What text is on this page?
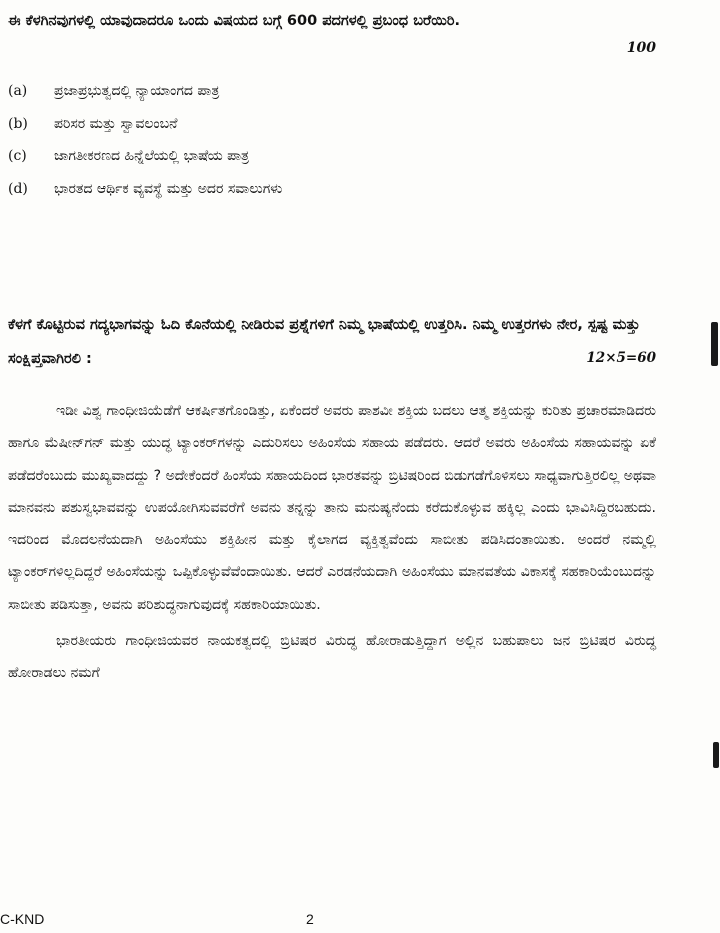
ಈ ಕೆಳಗಿನವುಗಳಲ್ಲಿ ಯಾವುದಾದರೂ ಒಂದು ವಿಷಯದ ಬಗ್ಗೆ 600 ಪದಗಳಲ್ಲಿ ಪ್ರಬಂಧ ಬರೆಯಿರಿ.
100
(a)	ಪ್ರಜಾಪ್ರಭುತ್ವದಲ್ಲಿ ನ್ಯಾಯಾಂಗದ ಪಾತ್ರ
(b)	ಪರಿಸರ ಮತ್ತು ಸ್ವಾವಲಂಬನೆ
(c)	ಜಾಗತೀಕರಣದ ಹಿನ್ನೆಲೆಯಲ್ಲಿ ಭಾಷೆಯ ಪಾತ್ರ
(d)	ಭಾರತದ ಆರ್ಥಿಕ ವ್ಯವಸ್ಥೆ ಮತ್ತು ಅದರ ಸವಾಲುಗಳು
ಕೆಳಗೆ ಕೊಟ್ಟಿರುವ ಗದ್ಯಭಾಗವನ್ನು ಓದಿ ಕೊನೆಯಲ್ಲಿ ನೀಡಿರುವ ಪ್ರಶ್ನೆಗಳಿಗೆ ನಿಮ್ಮ ಭಾಷೆಯಲ್ಲಿ ಉತ್ತರಿಸಿ. ನಿಮ್ಮ ಉತ್ತರಗಳು ನೇರ, ಸ್ಪಷ್ಟ ಮತ್ತು ಸಂಕ್ಷಿಪ್ತವಾಗಿರಲಿ :	12×5=60

ಇಡೀ ವಿಶ್ವ ಗಾಂಧೀಜಿಯೆಡೆಗೆ ಆಕರ್ಷಿತಗೊಂಡಿತ್ತು, ಏಕೆಂದರೆ ಅವರು ಪಾಶವೀ ಶಕ್ತಿಯ ಬದಲು ಆತ್ಮ ಶಕ್ತಿಯನ್ನು ಕುರಿತು ಪ್ರಚಾರಮಾಡಿದರು ಹಾಗೂ ಮೆಷೀನ್‌ಗನ್ ಮತ್ತು ಯುದ್ಧ ಟ್ಯಾಂಕರ್‌ಗಳನ್ನು ಎದುರಿಸಲು ಅಹಿಂಸೆಯ ಸಹಾಯ ಪಡೆದರು. ಆದರೆ ಅವರು ಅಹಿಂಸೆಯ ಸಹಾಯವನ್ನು ಏಕೆ ಪಡೆದರೆಂಬುದು ಮುಖ್ಯವಾದದ್ದು ? ಅದೇಕೆಂದರೆ ಹಿಂಸೆಯ ಸಹಾಯದಿಂದ ಭಾರತವನ್ನು ಬ್ರಿಟಿಷರಿಂದ ಬಿಡುಗಡೆಗೊಳಿಸಲು ಸಾಧ್ಯವಾಗುತ್ತಿರಲಿಲ್ಲ ಅಥವಾ ಮಾನವನು ಪಶುಸ್ವಭಾವವನ್ನು ಉಪಯೋಗಿಸುವವರೆಗೆ ಅವನು ತನ್ನನ್ನು ತಾನು ಮನುಷ್ಯನೆಂದು ಕರೆದುಕೊಳ್ಳುವ ಹಕ್ಕಿಲ್ಲ ಎಂದು ಭಾವಿಸಿದ್ದಿರಬಹುದು. ಇದರಿಂದ ಮೊದಲನೆಯದಾಗಿ ಅಹಿಂಸೆಯು ಶಕ್ತಿಹೀನ ಮತ್ತು ಕೈಲಾಗದ ವ್ಯಕ್ತಿತ್ವವೆಂದು ಸಾಬೀತು ಪಡಿಸಿದಂತಾಯಿತು. ಅಂದರೆ ನಮ್ಮಲ್ಲಿ ಟ್ಯಾಂಕರ್‌ಗಳಿಲ್ಲದಿದ್ದರೆ ಅಹಿಂಸೆಯನ್ನು ಒಪ್ಪಿಕೊಳ್ಳುವೆವೆಂದಾಯಿತು. ಆದರೆ ಎರಡನೆಯದಾಗಿ ಅಹಿಂಸೆಯು ಮಾನವತೆಯ ವಿಕಾಸಕ್ಕೆ ಸಹಕಾರಿಯೆಂಬುದನ್ನು ಸಾಬೀತು ಪಡಿಸುತ್ತಾ, ಅವನು ಪರಿಶುದ್ಧನಾಗುವುದಕ್ಕೆ ಸಹಕಾರಿಯಾಯಿತು.

ಭಾರತೀಯರು ಗಾಂಧೀಜಿಯವರ ನಾಯಕತ್ವದಲ್ಲಿ ಬ್ರಿಟಿಷರ ವಿರುದ್ಧ ಹೋರಾಡುತ್ತಿದ್ದಾಗ ಅಲ್ಲಿನ ಬಹುಪಾಲು ಜನ ಬ್ರಿಟಿಷರ ವಿರುದ್ಧ ಹೋರಾಡಲು ನಮಗೆ

C-KND	2
